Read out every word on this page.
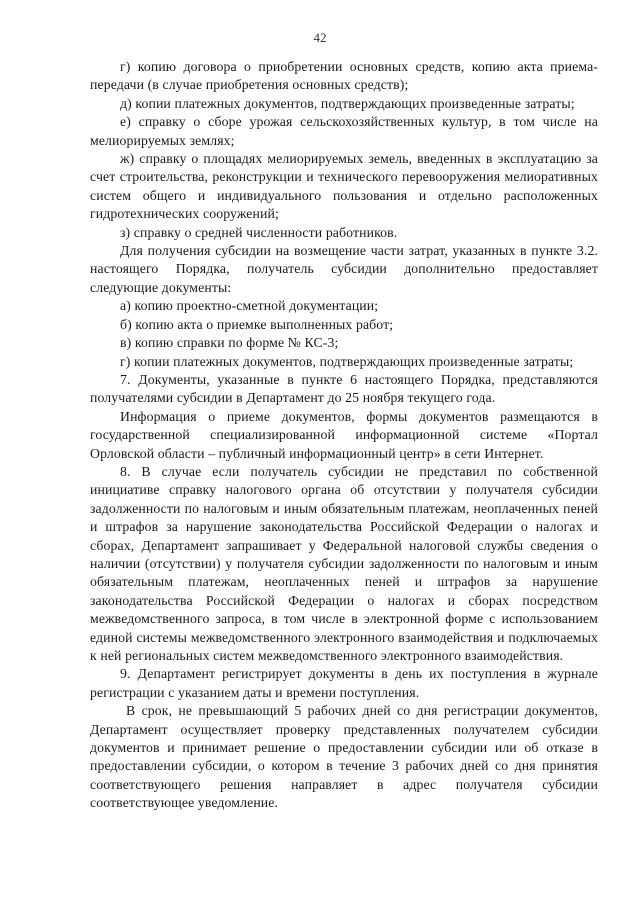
42

г) копию договора о приобретении основных средств, копию акта приема-передачи (в случае приобретения основных средств);

д) копии платежных документов, подтверждающих произведенные затраты;

е) справку о сборе урожая сельскохозяйственных культур, в том числе на мелиорируемых землях;

ж) справку о площадях мелиорируемых земель, введенных в эксплуатацию за счет строительства, реконструкции и технического перевооружения мелиоративных систем общего и индивидуального пользования и отдельно расположенных гидротехнических сооружений;

з) справку о средней численности работников.

Для получения субсидии на возмещение части затрат, указанных в пункте 3.2. настоящего Порядка, получатель субсидии дополнительно предоставляет следующие документы:

а) копию проектно-сметной документации;

б) копию акта о приемке выполненных работ;

в) копию справки по форме № КС-3;

г) копии платежных документов, подтверждающих произведенные затраты;

7. Документы, указанные в пункте 6 настоящего Порядка, представляются получателями субсидии в Департамент до 25 ноября текущего года.

Информация о приеме документов, формы документов размещаются в государственной специализированной информационной системе «Портал Орловской области – публичный информационный центр» в сети Интернет.

8. В случае если получатель субсидии не представил по собственной инициативе справку налогового органа об отсутствии у получателя субсидии задолженности по налоговым и иным обязательным платежам, неоплаченных пеней и штрафов за нарушение законодательства Российской Федерации о налогах и сборах, Департамент запрашивает у Федеральной налоговой службы сведения о наличии (отсутствии) у получателя субсидии задолженности по налоговым и иным обязательным платежам, неоплаченных пеней и штрафов за нарушение законодательства Российской Федерации о налогах и сборах посредством межведомственного запроса, в том числе в электронной форме с использованием единой системы межведомственного электронного взаимодействия и подключаемых к ней региональных систем межведомственного электронного взаимодействия.

9. Департамент регистрирует документы в день их поступления в журнале регистрации с указанием даты и времени поступления.

В срок, не превышающий 5 рабочих дней со дня регистрации документов, Департамент осуществляет проверку представленных получателем субсидии документов и принимает решение о предоставлении субсидии или об отказе в предоставлении субсидии, о котором в течение 3 рабочих дней со дня принятия соответствующего решения направляет в адрес получателя субсидии соответствующее уведомление.
